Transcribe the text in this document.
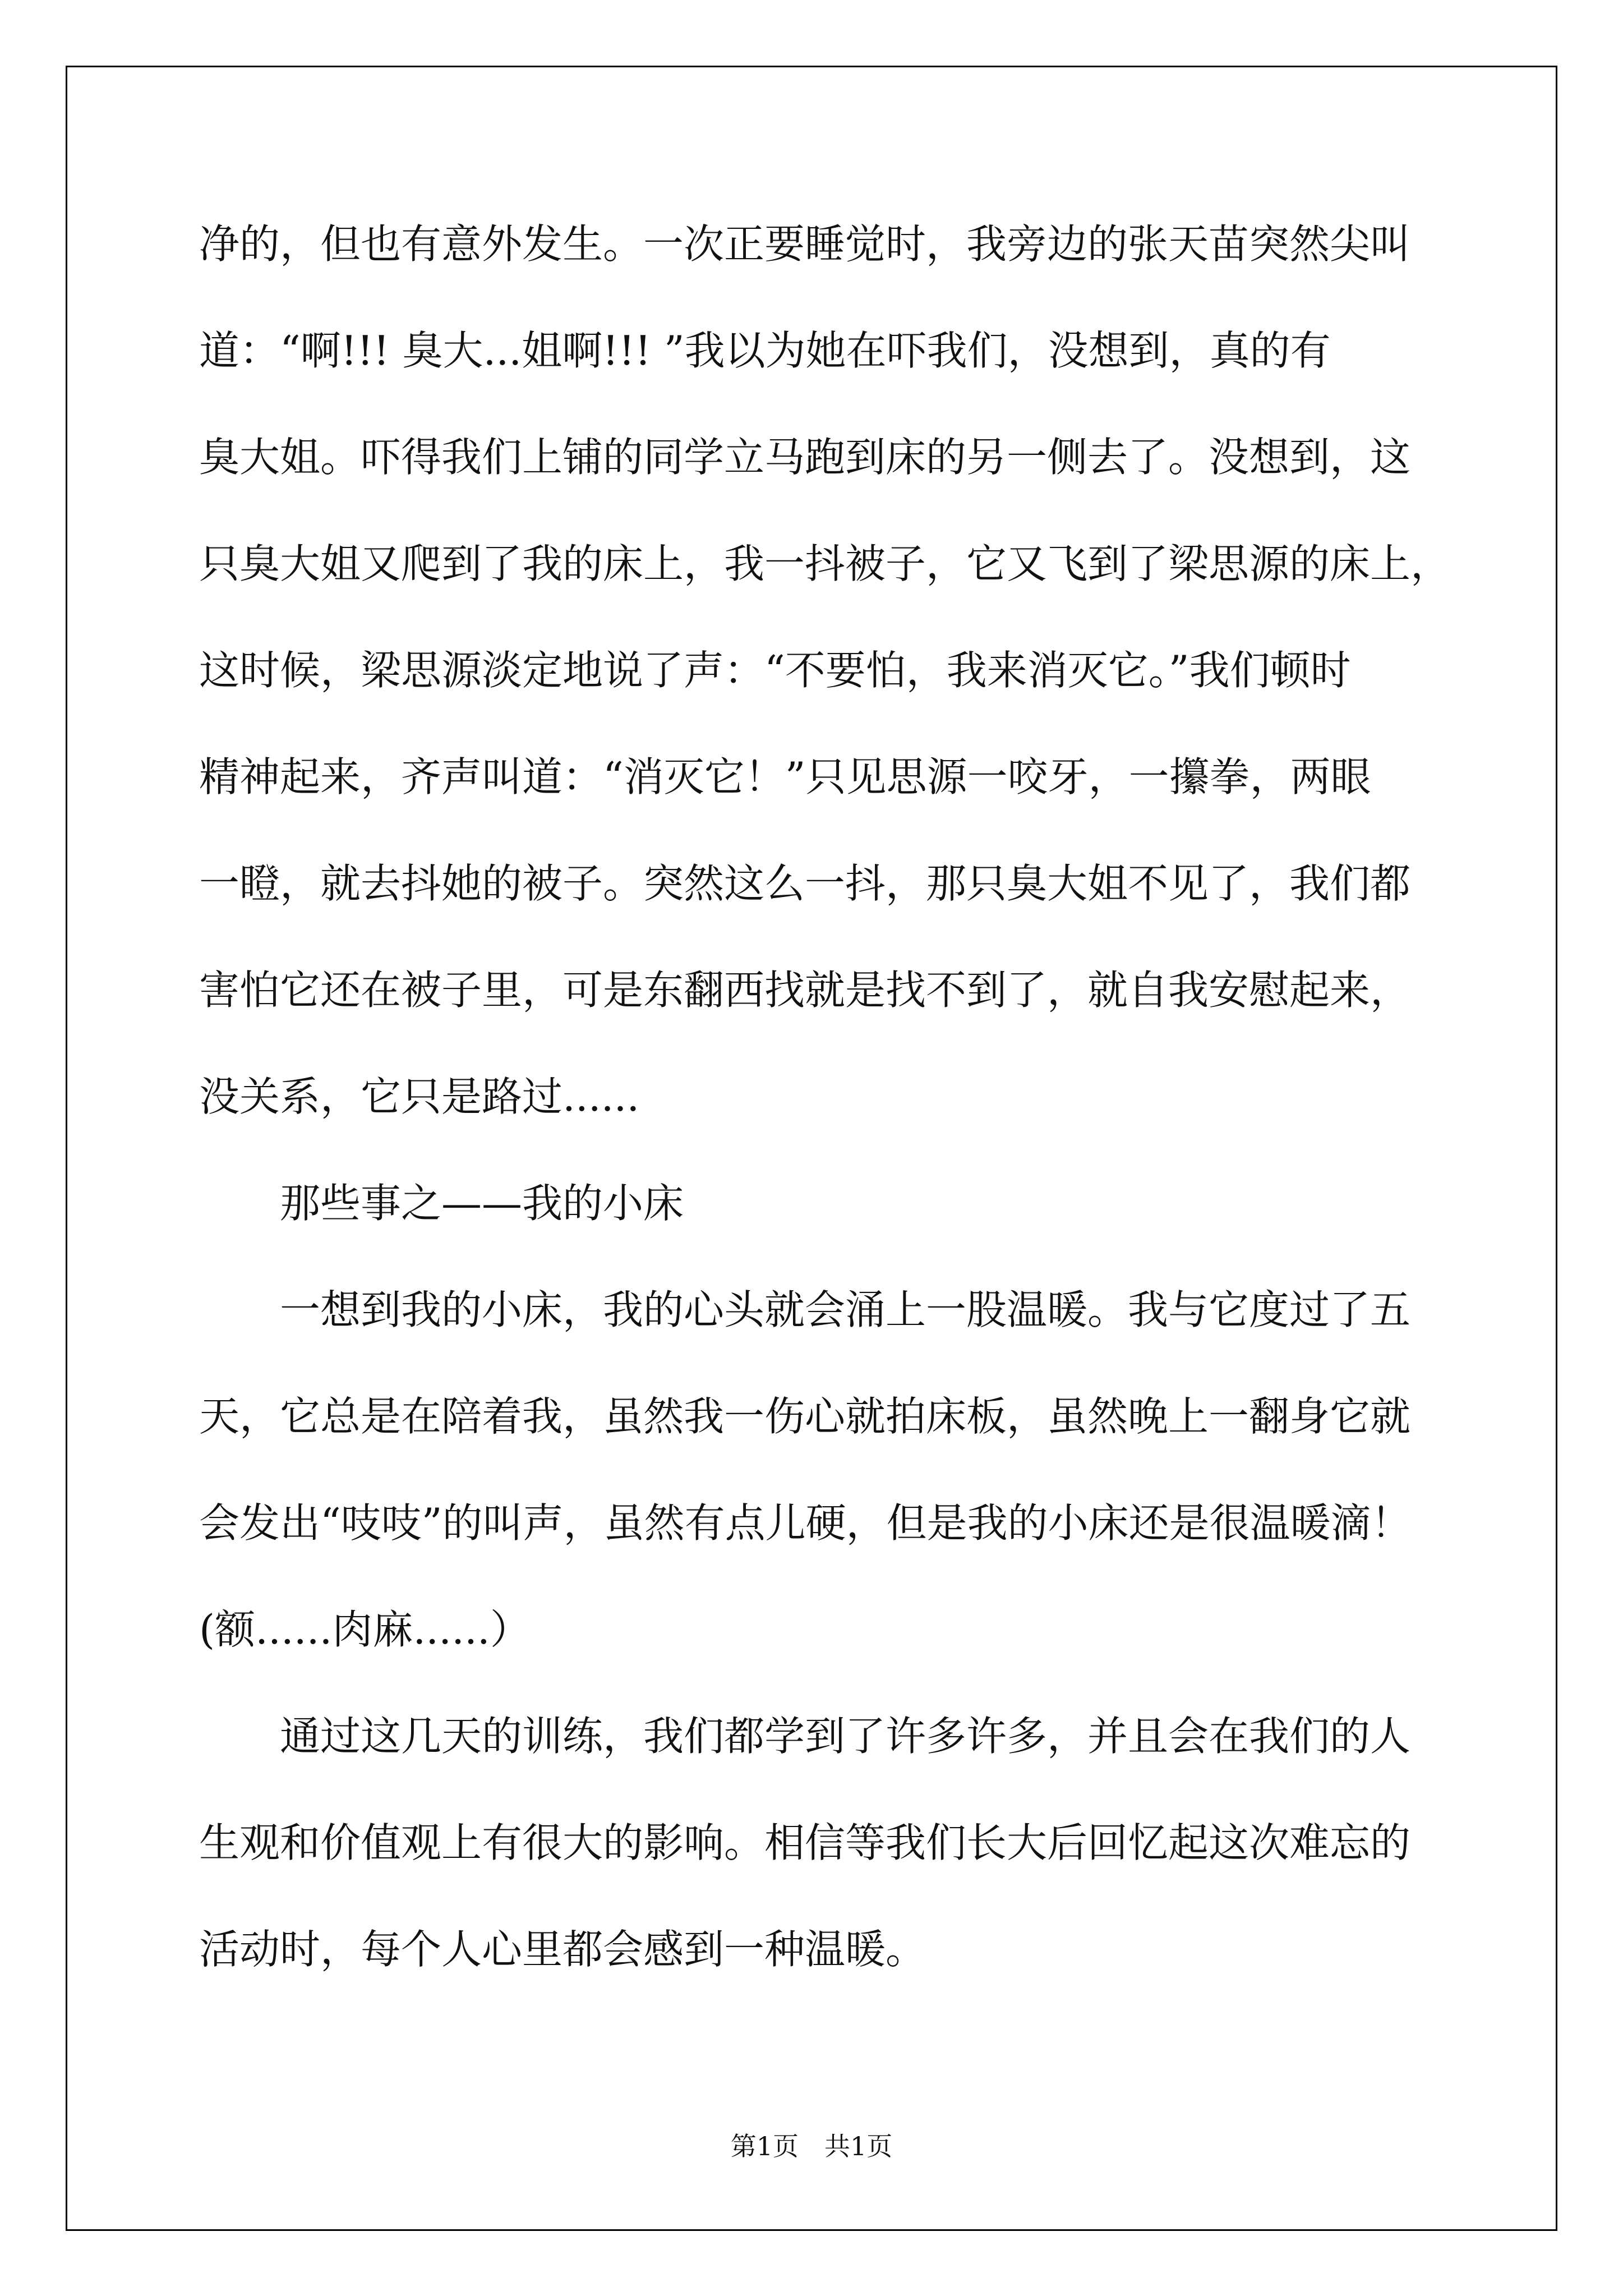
净的，但也有意外发生。一次正要睡觉时，我旁边的张天苗突然尖叫
道：“啊!!! 臭大...姐啊!!! ”我以为她在吓我们，没想到，真的有
臭大姐。吓得我们上铺的同学立马跑到床的另一侧去了。没想到，这
只臭大姐又爬到了我的床上，我一抖被子，它又飞到了梁思源的床上，
这时候，梁思源淡定地说了声：“不要怕，我来消灭它。”我们顿时
精神起来，齐声叫道：“消灭它！”只见思源一咬牙，一攥拳，两眼
一瞪，就去抖她的被子。突然这么一抖，那只臭大姐不见了，我们都
害怕它还在被子里，可是东翻西找就是找不到了，就自我安慰起来，
没关系，它只是路过......
那些事之——我的小床
一想到我的小床，我的心头就会涌上一股温暖。我与它度过了五
天，它总是在陪着我，虽然我一伤心就拍床板，虽然晚上一翻身它就
会发出“吱吱”的叫声，虽然有点儿硬，但是我的小床还是很温暖滴！
(额......肉麻......）
通过这几天的训练，我们都学到了许多许多，并且会在我们的人
生观和价值观上有很大的影响。相信等我们长大后回忆起这次难忘的
活动时，每个人心里都会感到一种温暖。
第1页　共1页
